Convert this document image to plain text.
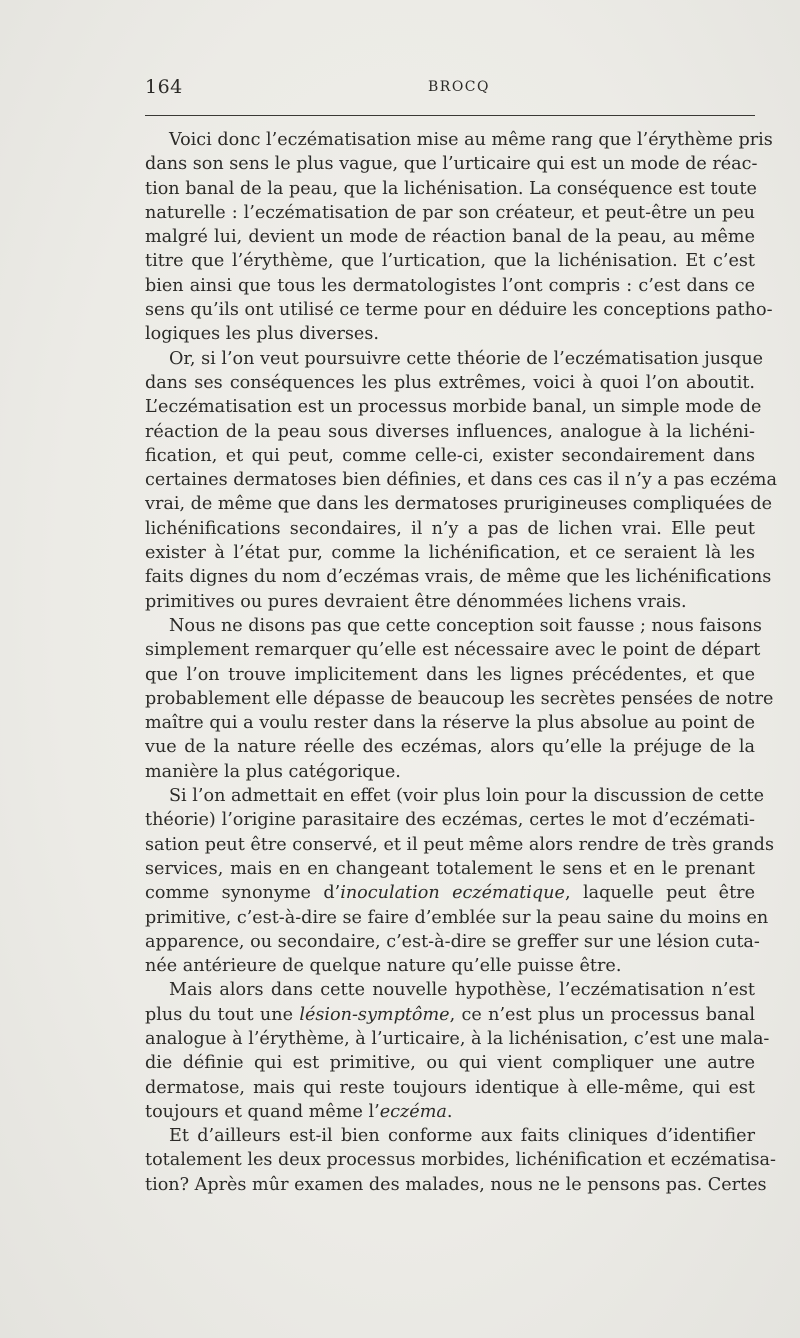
164	BROCQ
Voici donc l’eczématisation mise au même rang que l’érythème pris
dans son sens le plus vague, que l’urticaire qui est un mode de réac-
tion banal de la peau, que la lichénisation. La conséquence est toute
naturelle : l’eczématisation de par son créateur, et peut-être un peu
malgré lui, devient un mode de réaction banal de la peau, au même
titre que l’érythème, que l’urtication, que la lichénisation. Et c’est
bien ainsi que tous les dermatologistes l’ont compris : c’est dans ce
sens qu’ils ont utilisé ce terme pour en déduire les conceptions patho-
logiques les plus diverses.
Or, si l’on veut poursuivre cette théorie de l’eczématisation jusque
dans ses conséquences les plus extrêmes, voici à quoi l’on aboutit.
L’eczématisation est un processus morbide banal, un simple mode de
réaction de la peau sous diverses influences, analogue à la lichéni-
fication, et qui peut, comme celle-ci, exister secondairement dans
certaines dermatoses bien définies, et dans ces cas il n’y a pas eczéma
vrai, de même que dans les dermatoses prurigineuses compliquées de
lichénifications secondaires, il n’y a pas de lichen vrai. Elle peut
exister à l’état pur, comme la lichénification, et ce seraient là les
faits dignes du nom d’eczémas vrais, de même que les lichénifications
primitives ou pures devraient être dénommées lichens vrais.
Nous ne disons pas que cette conception soit fausse ; nous faisons
simplement remarquer qu’elle est nécessaire avec le point de départ
que l’on trouve implicitement dans les lignes précédentes, et que
probablement elle dépasse de beaucoup les secrètes pensées de notre
maître qui a voulu rester dans la réserve la plus absolue au point de
vue de la nature réelle des eczémas, alors qu’elle la préjuge de la
manière la plus catégorique.
Si l’on admettait en effet (voir plus loin pour la discussion de cette
théorie) l’origine parasitaire des eczémas, certes le mot d’eczémati-
sation peut être conservé, et il peut même alors rendre de très grands
services, mais en en changeant totalement le sens et en le prenant
comme synonyme d’inoculation eczématique, laquelle peut être
primitive, c’est-à-dire se faire d’emblée sur la peau saine du moins en
apparence, ou secondaire, c’est-à-dire se greffer sur une lésion cuta-
née antérieure de quelque nature qu’elle puisse être.
Mais alors dans cette nouvelle hypothèse, l’eczématisation n’est
plus du tout une lésion-symptôme, ce n’est plus un processus banal
analogue à l’érythème, à l’urticaire, à la lichénisation, c’est une mala-
die définie qui est primitive, ou qui vient compliquer une autre
dermatose, mais qui reste toujours identique à elle-même, qui est
toujours et quand même l’eczéma.
Et d’ailleurs est-il bien conforme aux faits cliniques d’identifier
totalement les deux processus morbides, lichénification et eczématisa-
tion? Après mûr examen des malades, nous ne le pensons pas. Certes
